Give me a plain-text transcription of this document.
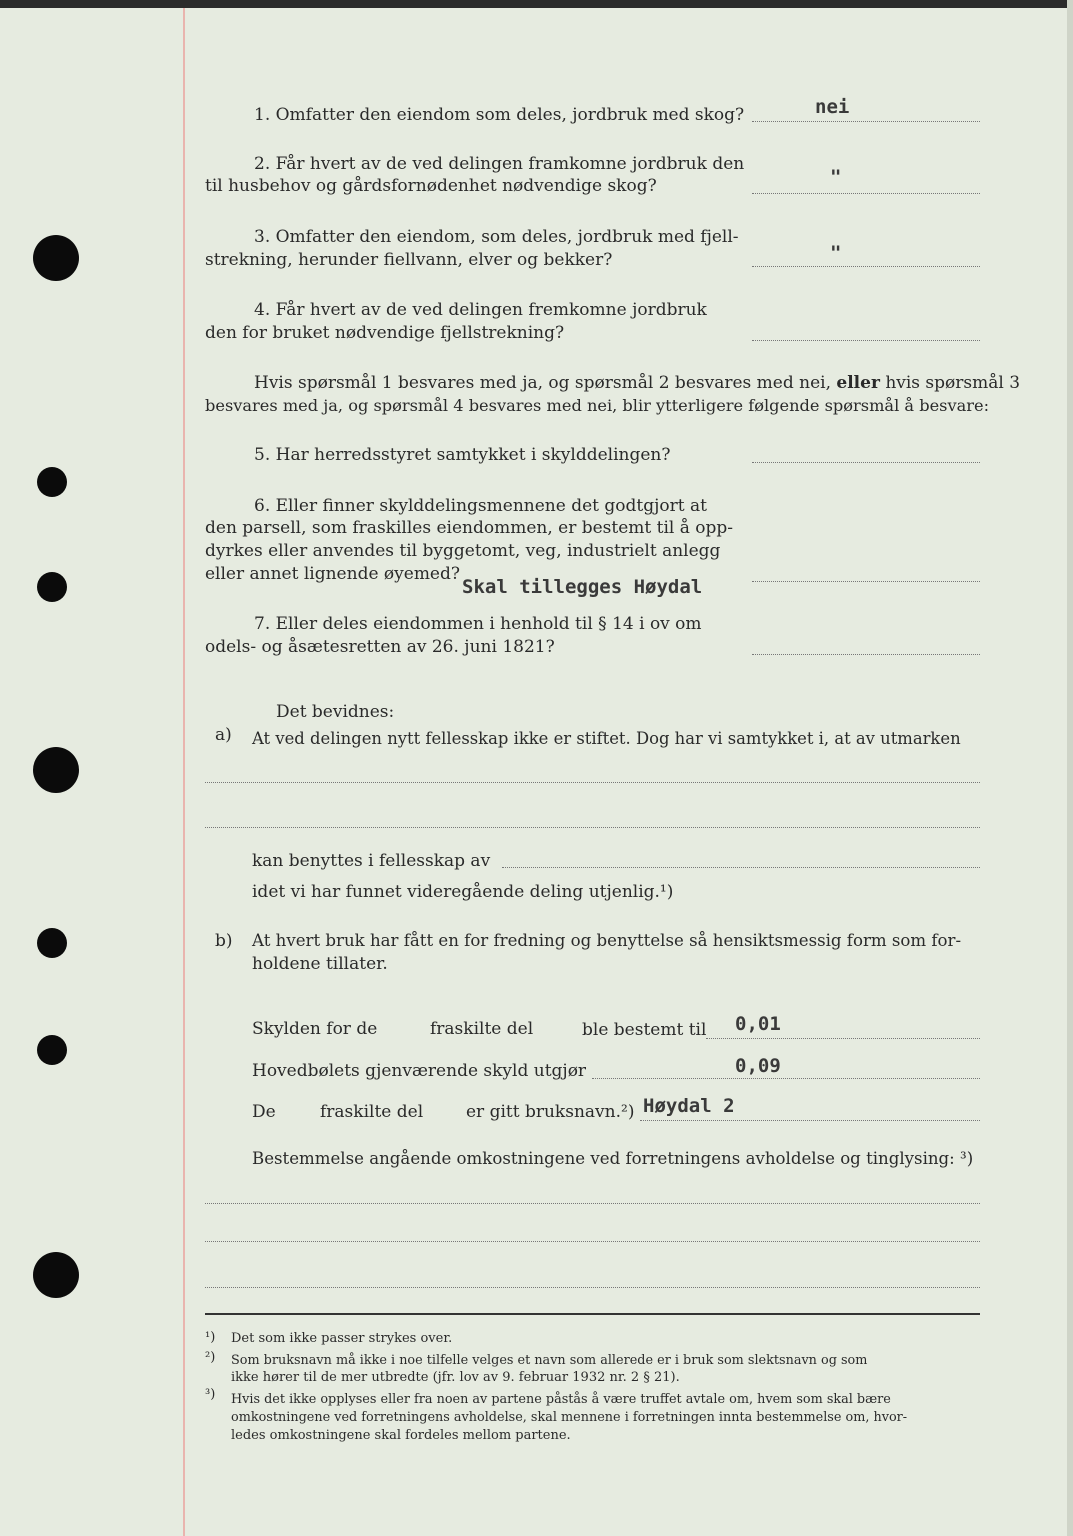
1. Omfatter den eiendom som deles, jordbruk med skog?	nei
2. Får hvert av de ved delingen framkomne jordbruk den
til husbehov og gårdsfornødenhet nødvendige skog?	"
3. Omfatter den eiendom, som deles, jordbruk med fjell-
strekning, herunder fiellvann, elver og bekker?	"
4. Får hvert av de ved delingen fremkomne jordbruk
den for bruket nødvendige fjellstrekning?
Hvis spørsmål 1 besvares med ja, og spørsmål 2 besvares med nei, eller hvis spørsmål 3
besvares med ja, og spørsmål 4 besvares med nei, blir ytterligere følgende spørsmål å besvare:
5. Har herredsstyret samtykket i skylddelingen?
6. Eller finner skylddelingsmennene det godtgjort at
den parsell, som fraskilles eiendommen, er bestemt til å opp-
dyrkes eller anvendes til byggetomt, veg, industrielt anlegg
eller annet lignende øyemed?
Skal tillegges Høydal
7. Eller deles eiendommen i henhold til § 14 i ov om
odels- og åsætesretten av 26. juni 1821?
Det bevidnes:
a) At ved delingen nytt fellesskap ikke er stiftet. Dog har vi samtykket i, at av utmarken
kan benyttes i fellesskap av
idet vi har funnet videregående deling utjenlig.¹)
b) At hvert bruk har fått en for fredning og benyttelse så hensiktsmessig form som for-
holdene tillater.
Skylden for de	fraskilte del	ble bestemt til 0,01
Hovedbølets gjenværende skyld utgjør	0,09
De	fraskilte del	er gitt bruksnavn.²) Høydal 2
Bestemmelse angående omkostningene ved forretningens avholdelse og tinglysing: ³)
¹) Det som ikke passer strykes over.
²) Som bruksnavn må ikke i noe tilfelle velges et navn som allerede er i bruk som slektsnavn og som
ikke hører til de mer utbredte (jfr. lov av 9. februar 1932 nr. 2 § 21).
³) Hvis det ikke opplyses eller fra noen av partene påstås å være truffet avtale om, hvem som skal bære
omkostningene ved forretningens avholdelse, skal mennene i forretningen innta bestemmelse om, hvor-
ledes omkostningene skal fordeles mellom partene.
